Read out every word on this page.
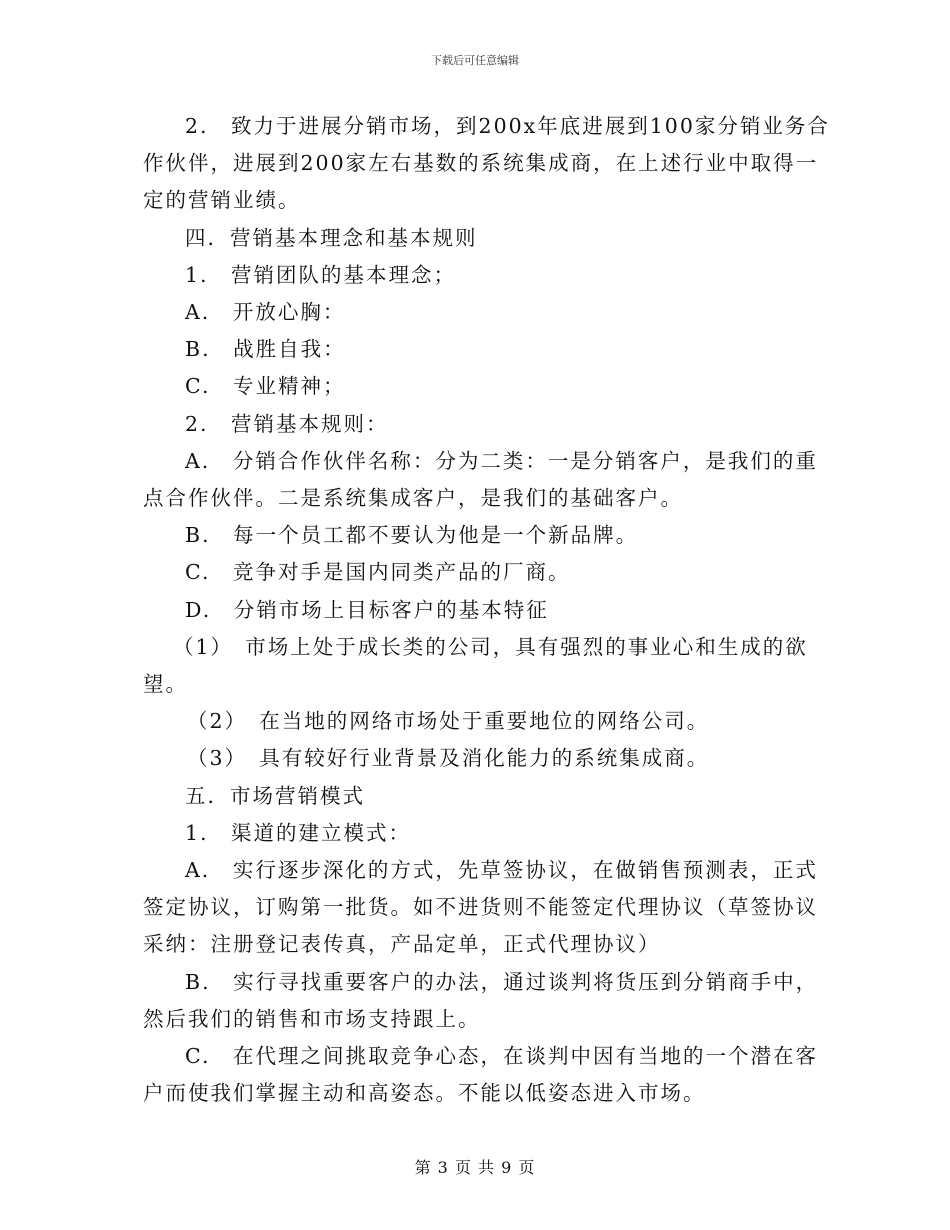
下载后可任意编辑

2.　致力于进展分销市场，到200x年底进展到100家分销业务合

作伙伴，进展到200家左右基数的系统集成商，在上述行业中取得一

定的营销业绩。

四．营销基本理念和基本规则

1.　营销团队的基本理念；

A.　开放心胸：

B.　战胜自我：

C.　专业精神；

2.　营销基本规则：

A.　分销合作伙伴名称：分为二类：一是分销客户，是我们的重

点合作伙伴。二是系统集成客户，是我们的基础客户。

B.　每一个员工都不要认为他是一个新品牌。

C.　竞争对手是国内同类产品的厂商。

D.　分销市场上目标客户的基本特征

（1）　市场上处于成长类的公司，具有强烈的事业心和生成的欲

望。

（2）　在当地的网络市场处于重要地位的网络公司。

（3）　具有较好行业背景及消化能力的系统集成商。

五．市场营销模式

1.　渠道的建立模式：

A.　实行逐步深化的方式，先草签协议，在做销售预测表，正式

签定协议，订购第一批货。如不进货则不能签定代理协议（草签协议

采纳：注册登记表传真，产品定单，正式代理协议）

B.　实行寻找重要客户的办法，通过谈判将货压到分销商手中，

然后我们的销售和市场支持跟上。

C.　在代理之间挑取竞争心态，在谈判中因有当地的一个潜在客

户而使我们掌握主动和高姿态。不能以低姿态进入市场。

第 3 页 共 9 页
